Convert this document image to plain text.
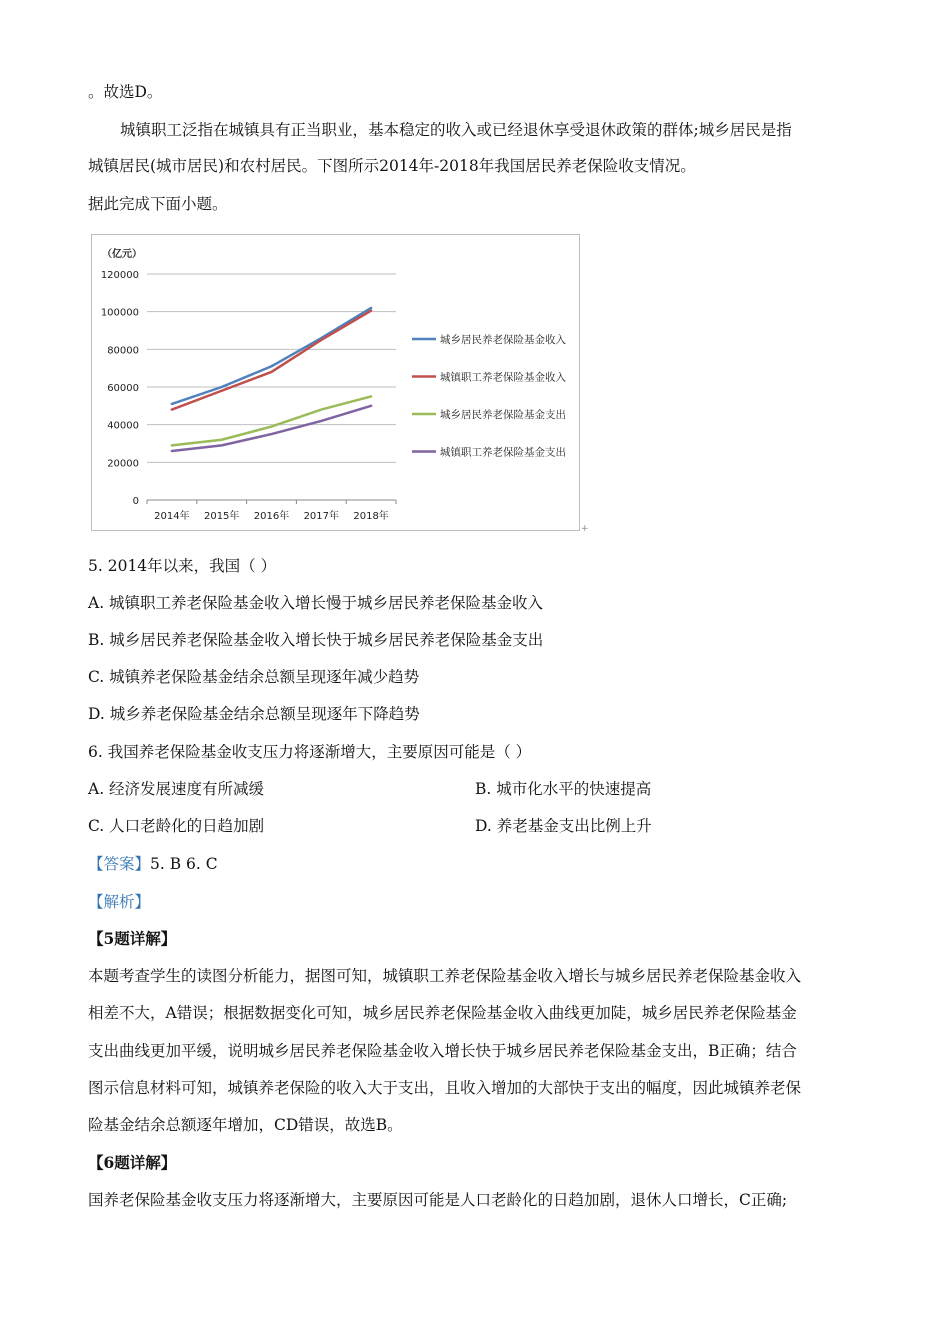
。故选D。
城镇职工泛指在城镇具有正当职业，基本稳定的收入或已经退休享受退休政策的群体;城乡居民是指
城镇居民(城市居民)和农村居民。下图所示2014年-2018年我国居民养老保险收支情况。
据此完成下面小题。
（亿元）
0
20000
40000
60000
80000
100000
120000
2014年 2015年 2016年 2017年 2018年
城乡居民养老保险基金收入
城镇职工养老保险基金收入
城乡居民养老保险基金支出
城镇职工养老保险基金支出
+
5. 2014年以来，我国（ ）
A. 城镇职工养老保险基金收入增长慢于城乡居民养老保险基金收入
B. 城乡居民养老保险基金收入增长快于城乡居民养老保险基金支出
C. 城镇养老保险基金结余总额呈现逐年减少趋势
D. 城乡养老保险基金结余总额呈现逐年下降趋势
6. 我国养老保险基金收支压力将逐渐增大，主要原因可能是（ ）
A. 经济发展速度有所减缓	B. 城市化水平的快速提高
C. 人口老龄化的日趋加剧	D. 养老基金支出比例上升
【答案】5. B 6. C
【解析】
【5题详解】
本题考查学生的读图分析能力，据图可知，城镇职工养老保险基金收入增长与城乡居民养老保险基金收入
相差不大，A错误；根据数据变化可知，城乡居民养老保险基金收入曲线更加陡，城乡居民养老保险基金
支出曲线更加平缓，说明城乡居民养老保险基金收入增长快于城乡居民养老保险基金支出，B正确；结合
图示信息材料可知，城镇养老保险的收入大于支出，且收入增加的大部快于支出的幅度，因此城镇养老保
险基金结余总额逐年增加，CD错误，故选B。
【6题详解】
国养老保险基金收支压力将逐渐增大，主要原因可能是人口老龄化的日趋加剧，退休人口增长，C正确;
